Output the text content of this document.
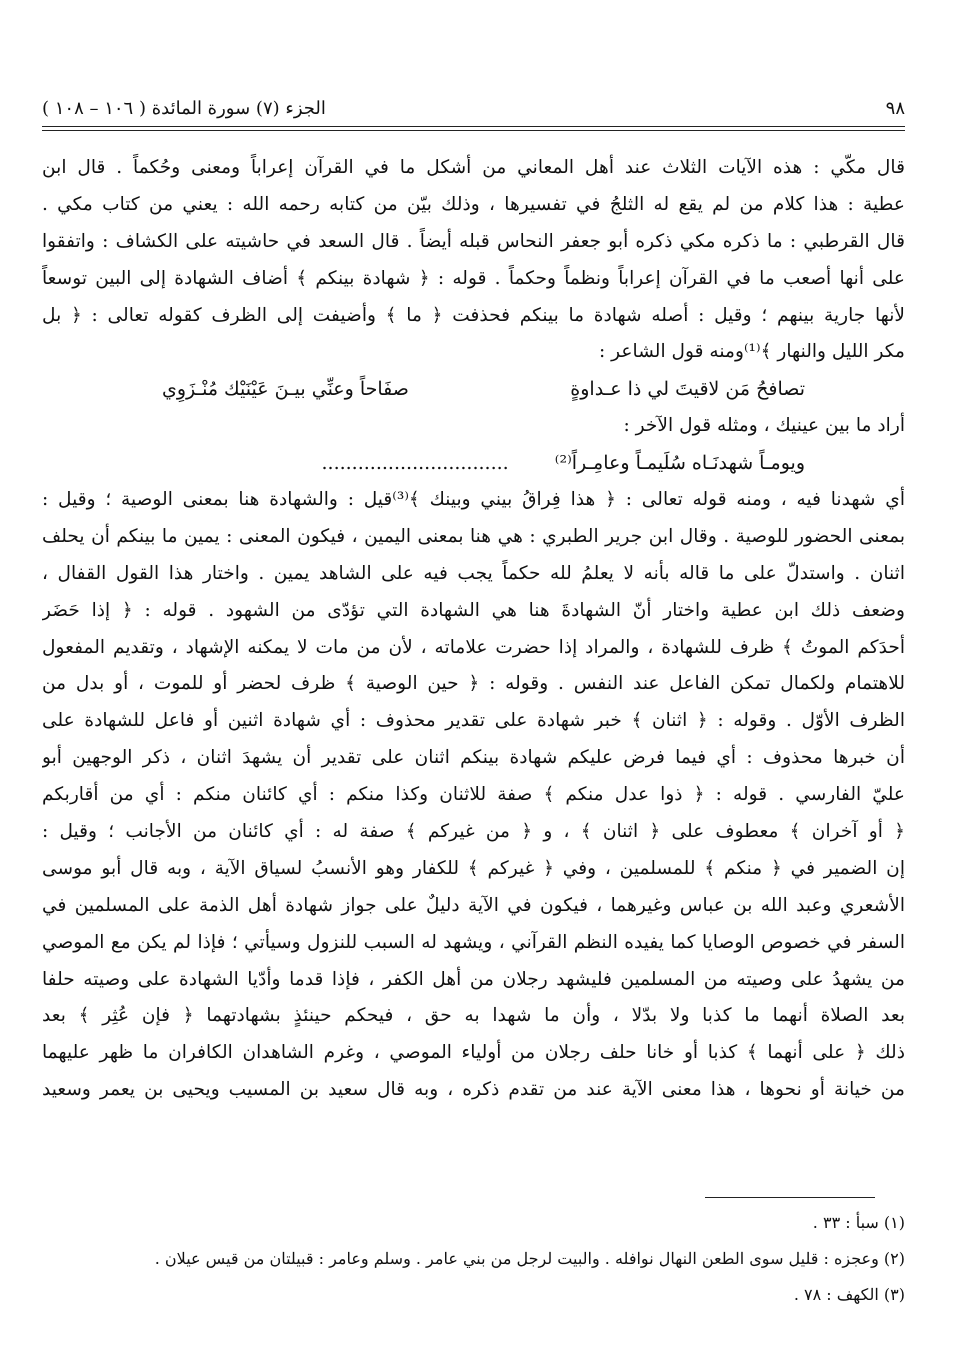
٩٨
الجزء (٧) سورة المائدة ( ١٠٦ – ١٠٨ )
قال مكّي : هذه الآيات الثلاث عند أهل المعاني من أشكل ما في القرآن إعراباً ومعنى وحُكماً . قال ابن
عطية : هذا كلام من لم يقع له الثلجُ في تفسيرها ، وذلك بيّن من كتابه رحمه الله : يعني من كتاب مكي .
قال القرطبي : ما ذكره مكي ذكره أبو جعفر النحاس قبله أيضاً . قال السعد في حاشيته على الكشاف : واتفقوا
على أنها أصعب ما في القرآن إعراباً ونظماً وحكماً . قوله : ﴿ شهادة بينكم ﴾ أضاف الشهادة إلى البين توسعاً
لأنها جارية بينهم ؛ وقيل : أصله شهادة ما بينكم فحذفت ﴿ ما ﴾ وأضيفت إلى الظرف كقوله تعالى : ﴿ بل
مكر الليل والنهار ﴾⁽¹⁾ومنه قول الشاعر :
تصافحُ مَن لاقيتَ لي ذا عـداوةٍ
صفَاحاً وعنِّي بيـنَ عَيْنَيْك مُنْـزَوِي
أراد ما بين عينيك ، ومثله قول الآخر :
ويومـاً شهدنَـاه سُلَيمـاً وعامِـراً⁽²⁾ ...............................
أي شهدنا فيه ، ومنه قوله تعالى : ﴿ هذا فِراقُ بيني وبينك ﴾⁽³⁾قيل : والشهادة هنا بمعنى الوصية ؛ وقيل :
بمعنى الحضور للوصية . وقال ابن جرير الطبري : هي هنا بمعنى اليمين ، فيكون المعنى : يمين ما بينكم أن يحلف
اثنان . واستدلّ على ما قاله بأنه لا يعلمُ لله حكماً يجب فيه على الشاهد يمين . واختار هذا القول القفال ،
وضعف ذلك ابن عطية واختار أنّ الشهادةَ هنا هي الشهادة التي تؤدّى من الشهود . قوله : ﴿ إذا حَضَر
أحدَكم الموتُ ﴾ ظرف للشهادة ، والمراد إذا حضرت علاماته ، لأن من مات لا يمكنه الإشهاد ، وتقديم المفعول
للاهتمام ولكمال تمكن الفاعل عند النفس . وقوله : ﴿ حين الوصية ﴾ ظرف لحضر أو للموت ، أو بدل من
الظرف الأوّل . وقوله : ﴿ اثنان ﴾ خبر شهادة على تقدير محذوف : أي شهادة اثنين أو فاعل للشهادة على
أن خبرها محذوف : أي فيما فرض عليكم شهادة بينكم اثنان على تقدير أن يشهدَ اثنان ، ذكر الوجهين أبو
عليّ الفارسي . قوله : ﴿ ذوا عدل منكم ﴾ صفة للاثنان وكذا منكم : أي كائنان منكم : أي من أقاربكم
﴿ أو آخران ﴾ معطوف على ﴿ اثنان ﴾ ، و ﴿ من غيركم ﴾ صفة له : أي كائنان من الأجانب ؛ وقيل :
إن الضمير في ﴿ منكم ﴾ للمسلمين ، وفي ﴿ غيركم ﴾ للكفار وهو الأنسبُ لسياق الآية ، وبه قال أبو موسى
الأشعري وعبد الله بن عباس وغيرهما ، فيكون في الآية دليلٌ على جواز شهادة أهل الذمة على المسلمين في
السفر في خصوص الوصايا كما يفيده النظم القرآني ، ويشهد له السبب للنزول وسيأتي ؛ فإذا لم يكن مع الموصي
من يشهدُ على وصيته من المسلمين فليشهد رجلان من أهل الكفر ، فإذا قدما وأدّيا الشهادة على وصيته حلفا
بعد الصلاة أنهما ما كذبا ولا بدّلا ، وأن ما شهدا به حق ، فيحكم حينئذٍ بشهادتهما ﴿ فإن عُثِر ﴾ بعد
ذلك ﴿ على أنهما ﴾ كذبا أو خانا حلف رجلان من أولياء الموصي ، وغرم الشاهدان الكافران ما ظهر عليهما
من خيانة أو نحوها ، هذا معنى الآية عند من تقدم ذكره ، وبه قال سعيد بن المسيب ويحيى بن يعمر وسعيد
(١) سبأ : ٣٣ .
(٢) وعجزه : قليل سوى الطعن النهال نوافله . والبيت لرجل من بني عامر . وسلم وعامر : قبيلتان من قيس عيلان .
(٣) الكهف : ٧٨ .
